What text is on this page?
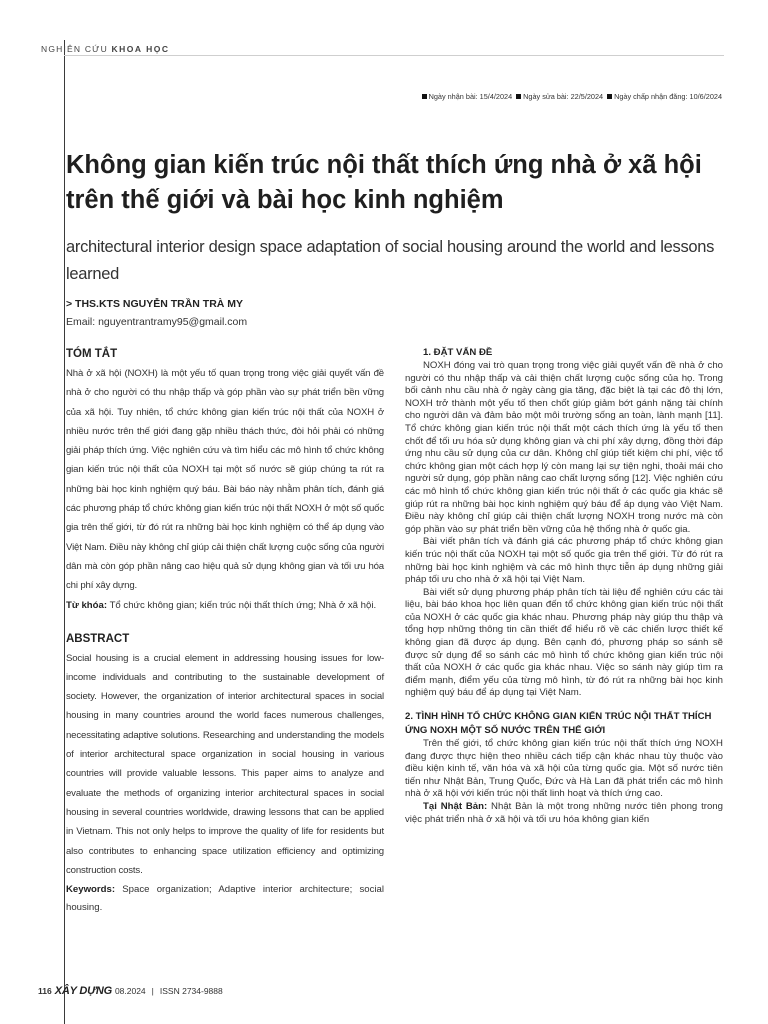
NGHIÊN CỨU KHOA HỌC
Ngày nhận bài: 15/4/2024	Ngày sửa bài: 22/5/2024	Ngày chấp nhận đăng: 10/6/2024
Không gian kiến trúc nội thất thích ứng nhà ở xã hội trên thế giới và bài học kinh nghiệm
architectural interior design space adaptation of social housing around the world and lessons learned
> THS.KTS NGUYỄN TRẦN TRÀ MY
Email: nguyentrantramy95@gmail.com
TÓM TẮT

Nhà ở xã hội (NOXH) là một yếu tố quan trọng trong việc giải quyết vấn đề nhà ở cho người có thu nhập thấp và góp phần vào sự phát triển bền vững của xã hội. Tuy nhiên, tổ chức không gian kiến trúc nội thất của NOXH ở nhiều nước trên thế giới đang gặp nhiều thách thức, đòi hỏi phải có những giải pháp thích ứng. Việc nghiên cứu và tìm hiểu các mô hình tổ chức không gian kiến trúc nội thất của NOXH tại một số nước sẽ giúp chúng ta rút ra những bài học kinh nghiệm quý báu. Bài báo này nhằm phân tích, đánh giá các phương pháp tổ chức không gian kiến trúc nội thất NOXH ở một số quốc gia trên thế giới, từ đó rút ra những bài học kinh nghiệm có thể áp dụng vào Việt Nam. Điều này không chỉ giúp cải thiện chất lượng cuộc sống của người dân mà còn góp phần nâng cao hiệu quả sử dụng không gian và tối ưu hóa chi phí xây dựng.

Từ khóa: Tổ chức không gian; kiến trúc nội thất thích ứng; Nhà ở xã hội.
ABSTRACT

Social housing is a crucial element in addressing housing issues for low-income individuals and contributing to the sustainable development of society. However, the organization of interior architectural spaces in social housing in many countries around the world faces numerous challenges, necessitating adaptive solutions. Researching and understanding the models of interior architectural space organization in social housing in various countries will provide valuable lessons. This paper aims to analyze and evaluate the methods of organizing interior architectural spaces in social housing in several countries worldwide, drawing lessons that can be applied in Vietnam. This not only helps to improve the quality of life for residents but also contributes to enhancing space utilization efficiency and optimizing construction costs.

Keywords: Space organization; Adaptive interior architecture; social housing.
1. ĐẶT VẤN ĐỀ

NOXH đóng vai trò quan trọng trong việc giải quyết vấn đề nhà ở cho người có thu nhập thấp và cải thiện chất lượng cuộc sống của họ. Trong bối cảnh nhu cầu nhà ở ngày càng gia tăng, đặc biệt là tại các đô thị lớn, NOXH trở thành một yếu tố then chốt giúp giảm bớt gánh nặng tài chính cho người dân và đảm bảo một môi trường sống an toàn, lành mạnh [11]. Tổ chức không gian kiến trúc nội thất một cách thích ứng là yếu tố then chốt để tối ưu hóa sử dụng không gian và chi phí xây dựng, đồng thời đáp ứng nhu cầu sử dụng của cư dân. Không chỉ giúp tiết kiệm chi phí, việc tổ chức không gian một cách hợp lý còn mang lại sự tiện nghi, thoải mái cho người sử dụng, góp phần nâng cao chất lượng sống [12]. Việc nghiên cứu các mô hình tổ chức không gian kiến trúc nội thất ở các quốc gia khác sẽ giúp rút ra những bài học kinh nghiệm quý báu để áp dụng vào Việt Nam. Điều này không chỉ giúp cải thiện chất lượng NOXH trong nước mà còn góp phần vào sự phát triển bền vững của hệ thống nhà ở quốc gia.

Bài viết phân tích và đánh giá các phương pháp tổ chức không gian kiến trúc nội thất của NOXH tại một số quốc gia trên thế giới. Từ đó rút ra những bài học kinh nghiệm và các mô hình thực tiễn áp dụng những giải pháp tối ưu cho nhà ở xã hội tại Việt Nam.

Bài viết sử dụng phương pháp phân tích tài liệu để nghiên cứu các tài liệu, bài báo khoa học liên quan đến tổ chức không gian kiến trúc nội thất của NOXH ở các quốc gia khác nhau. Phương pháp này giúp thu thập và tổng hợp những thông tin cần thiết để hiểu rõ về các chiến lược thiết kế không gian đã được áp dụng. Bên cạnh đó, phương pháp so sánh sẽ được sử dụng để so sánh các mô hình tổ chức không gian kiến trúc nội thất của NOXH ở các quốc gia khác nhau. Việc so sánh này giúp tìm ra điểm mạnh, điểm yếu của từng mô hình, từ đó rút ra những bài học kinh nghiệm quý báu để áp dụng tại Việt Nam.

2. TÌNH HÌNH TỔ CHỨC KHÔNG GIAN KIẾN TRÚC NỘI THẤT THÍCH ỨNG NOXH MỘT SỐ NƯỚC TRÊN THẾ GIỚI

Trên thế giới, tổ chức không gian kiến trúc nội thất thích ứng NOXH đang được thực hiện theo nhiều cách tiếp cận khác nhau tùy thuộc vào điều kiện kinh tế, văn hóa và xã hội của từng quốc gia. Một số nước tiên tiến như Nhật Bản, Trung Quốc, Đức và Hà Lan đã phát triển các mô hình nhà ở xã hội với kiến trúc nội thất linh hoạt và thích ứng cao.

Tại Nhật Bản: Nhật Bản là một trong những nước tiên phong trong việc phát triển nhà ở xã hội và tối ưu hóa không gian kiến

116 XÂY DỰNG 08.2024 | ISSN 2734-9888
